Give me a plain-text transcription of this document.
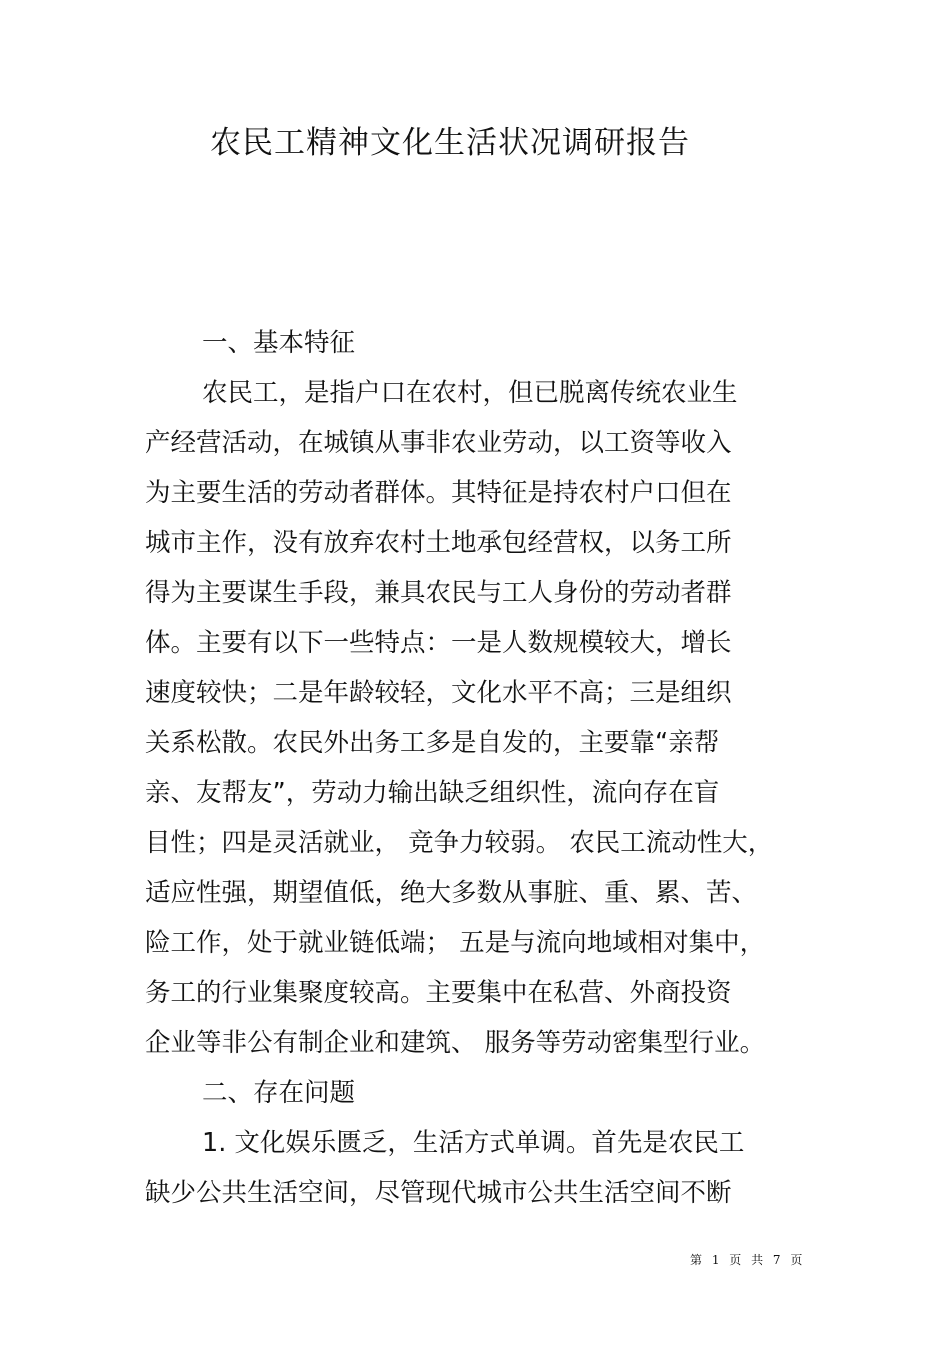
农民工精神文化生活状况调研报告
一、基本特征
农民工，是指户口在农村，但已脱离传统农业生
产经营活动，在城镇从事非农业劳动，以工资等收入
为主要生活的劳动者群体。其特征是持农村户口但在
城市主作，没有放弃农村土地承包经营权，以务工所
得为主要谋生手段，兼具农民与工人身份的劳动者群
体。主要有以下一些特点：一是人数规模较大，增长
速度较快；二是年龄较轻，文化水平不高；三是组织
关系松散。农民外出务工多是自发的，主要靠“亲帮
亲、友帮友”，劳动力输出缺乏组织性，流向存在盲
目性；四是灵活就业， 竞争力较弱。 农民工流动性大，
适应性强，期望值低，绝大多数从事脏、重、累、苦、
险工作，处于就业链低端； 五是与流向地域相对集中，
务工的行业集聚度较高。主要集中在私营、外商投资
企业等非公有制企业和建筑、 服务等劳动密集型行业。
二、存在问题
1. 文化娱乐匮乏，生活方式单调。首先是农民工
缺少公共生活空间，尽管现代城市公共生活空间不断
第 1 页 共 7 页
